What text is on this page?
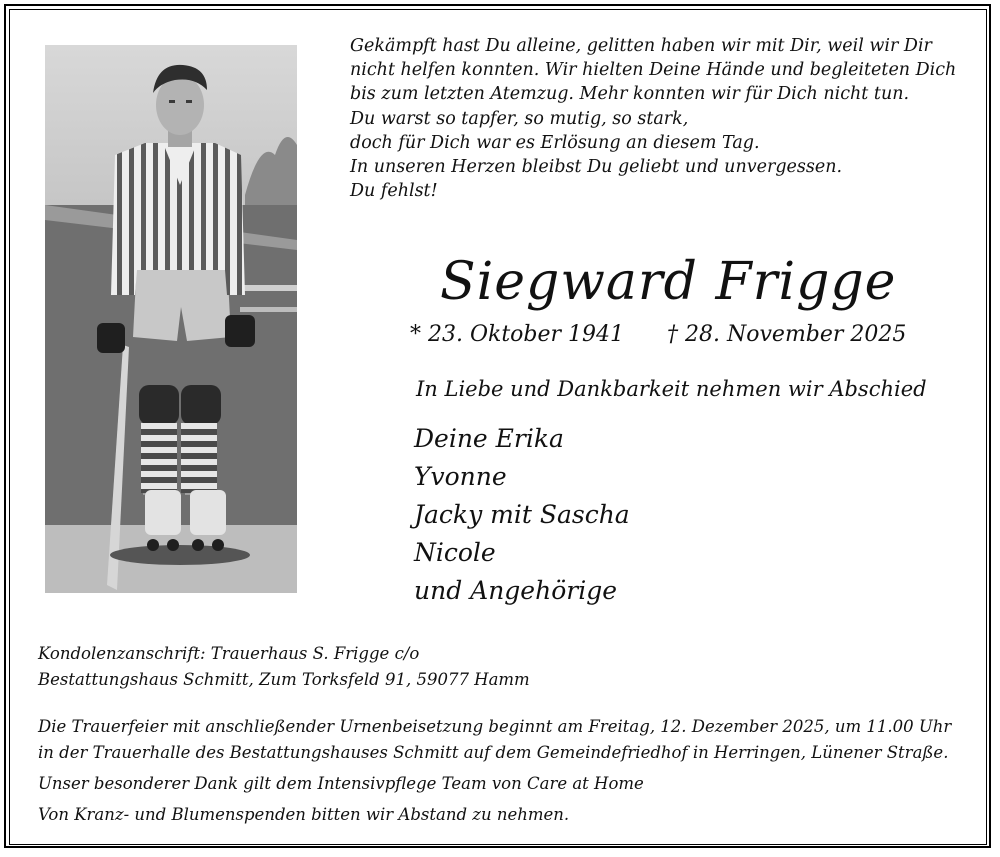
Gekämpft hast Du alleine, gelitten haben wir mit Dir, weil wir Dir
nicht helfen konnten. Wir hielten Deine Hände und begleiteten Dich
bis zum letzten Atemzug. Mehr konnten wir für Dich nicht tun.
Du warst so tapfer, so mutig, so stark,
doch für Dich war es Erlösung an diesem Tag.
In unseren Herzen bleibst Du geliebt und unvergessen.
Du fehlst!
Siegward Frigge
* 23. Oktober 1941 † 28. November 2025
In Liebe und Dankbarkeit nehmen wir Abschied
Deine Erika
Yvonne
Jacky mit Sascha
Nicole
und Angehörige
Kondolenzanschrift: Trauerhaus S. Frigge c/o
Bestattungshaus Schmitt, Zum Torksfeld 91, 59077 Hamm
Die Trauerfeier mit anschließender Urnenbeisetzung beginnt am Freitag, 12. Dezember 2025, um 11.00 Uhr
in der Trauerhalle des Bestattungshauses Schmitt auf dem Gemeindefriedhof in Herringen, Lünener Straße.
Unser besonderer Dank gilt dem Intensivpflege Team von Care at Home
Von Kranz- und Blumenspenden bitten wir Abstand zu nehmen.
